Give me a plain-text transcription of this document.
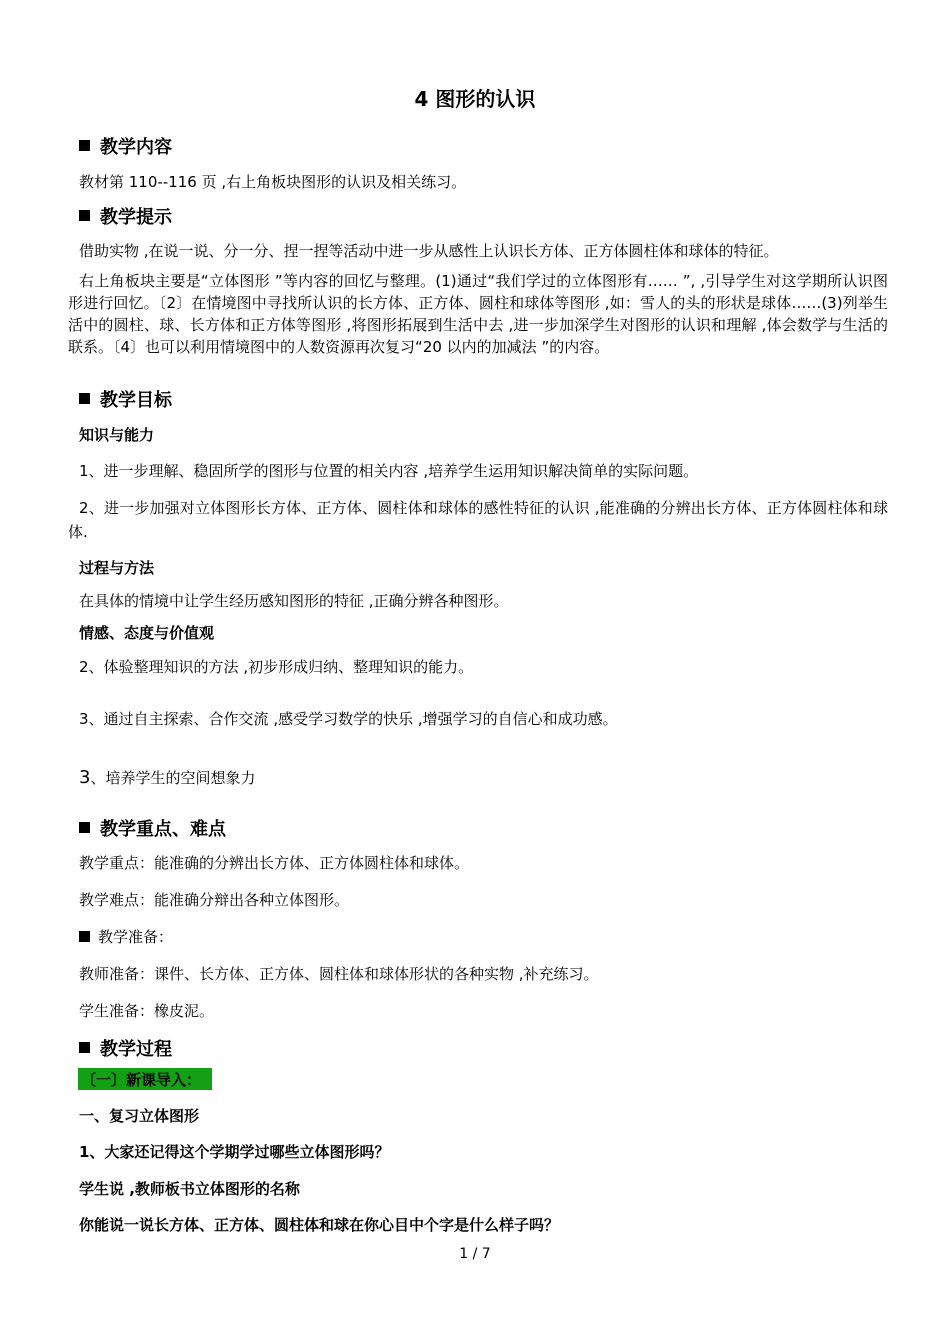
4 图形的认识
教学内容
教材第 110--116 页 ,右上角板块图形的认识及相关练习。
教学提示
借助实物 ,在说一说、分一分、捏一捏等活动中进一步从感性上认识长方体、正方体圆柱体和球体的特征。
右上角板块主要是“立体图形 ”等内容的回忆与整理。(1)通过“我们学过的立体图形有…… ”, ,引导学生对这学期所认识图形进行回忆。〔2〕在情境图中寻找所认识的长方体、正方体、圆柱和球体等图形 ,如：雪人的头的形状是球体……(3)列举生活中的圆柱、球、长方体和正方体等图形 ,将图形拓展到生活中去 ,进一步加深学生对图形的认识和理解 ,体会数学与生活的联系。〔4〕也可以利用情境图中的人数资源再次复习“20 以内的加减法 ”的内容。
教学目标
知识与能力
1、进一步理解、稳固所学的图形与位置的相关内容 ,培养学生运用知识解决简单的实际问题。
2、进一步加强对立体图形长方体、正方体、圆柱体和球体的感性特征的认识 ,能准确的分辨出长方体、正方体圆柱体和球体.
过程与方法
在具体的情境中让学生经历感知图形的特征 ,正确分辨各种图形。
情感、态度与价值观
2、体验整理知识的方法 ,初步形成归纳、整理知识的能力。
3、通过自主探索、合作交流 ,感受学习数学的快乐 ,增强学习的自信心和成功感。
3、培养学生的空间想象力
教学重点、难点
教学重点：能准确的分辨出长方体、正方体圆柱体和球体。
教学难点：能准确分辩出各种立体图形。
教学准备：
教师准备：课件、长方体、正方体、圆柱体和球体形状的各种实物 ,补充练习。
学生准备：橡皮泥。
教学过程
〔一〕新课导入：
一、复习立体图形
1、大家还记得这个学期学过哪些立体图形吗？
学生说 ,教师板书立体图形的名称
你能说一说长方体、正方体、圆柱体和球在你心目中个字是什么样子吗？
1 / 7
